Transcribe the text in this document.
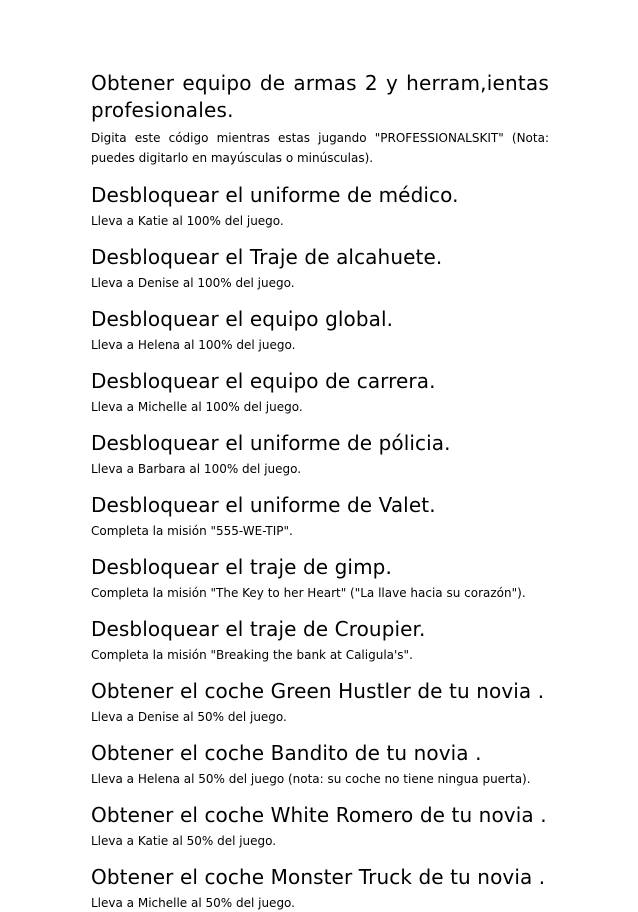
Obtener equipo de armas 2 y herram,ientas profesionales.

Digita este código mientras estas jugando "PROFESSIONALSKIT" (Nota: puedes digitarlo en mayúsculas o minúsculas).

Desbloquear el uniforme de médico.

Lleva a Katie al 100% del juego.

Desbloquear el Traje de alcahuete.

Lleva a Denise al 100% del juego.

Desbloquear el equipo global.

Lleva a Helena al 100% del juego.

Desbloquear el equipo de carrera.

Lleva a Michelle al 100% del juego.

Desbloquear el uniforme de pólicia.

Lleva a Barbara al 100% del juego.

Desbloquear el uniforme de Valet.

Completa la misión "555-WE-TIP".

Desbloquear el traje de gimp.

Completa la misión "The Key to her Heart" ("La llave hacia su corazón").

Desbloquear el traje de Croupier.

Completa la misión "Breaking the bank at Caligula's".

Obtener el coche Green Hustler de tu novia .

Lleva a Denise al 50% del juego.

Obtener el coche Bandito de tu novia .

Lleva a Helena al 50% del juego (nota: su coche no tiene ningua puerta).

Obtener el coche White Romero de tu novia .

Lleva a Katie al 50% del juego.

Obtener el coche Monster Truck de tu novia .

Lleva a Michelle al 50% del juego.
